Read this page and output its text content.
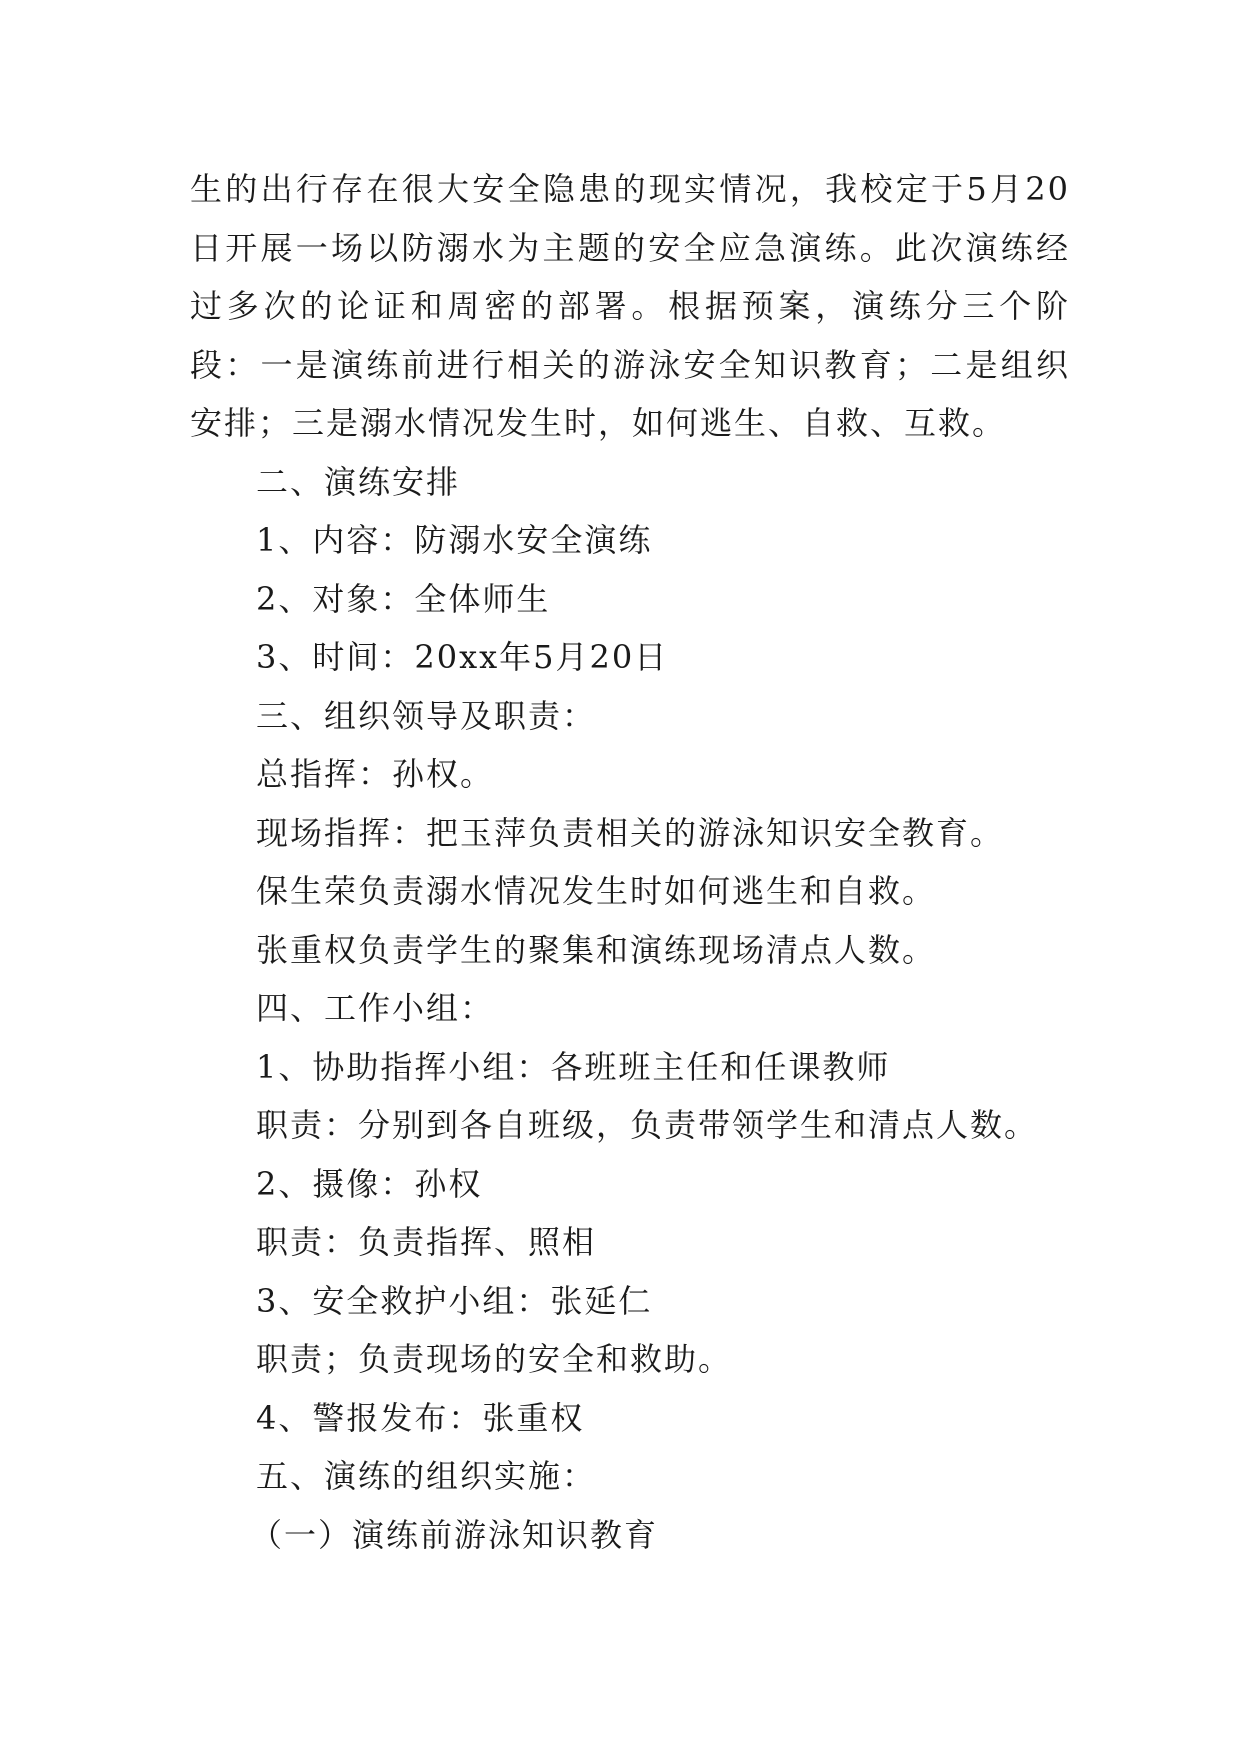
生的出行存在很大安全隐患的现实情况，我校定于5月20日开展一场以防溺水为主题的安全应急演练。此次演练经过多次的论证和周密的部署。根据预案，演练分三个阶段：一是演练前进行相关的游泳安全知识教育；二是组织安排；三是溺水情况发生时，如何逃生、自救、互救。

二、演练安排

1、内容：防溺水安全演练

2、对象：全体师生

3、时间：20xx年5月20日

三、组织领导及职责：

总指挥：孙权。

现场指挥：把玉萍负责相关的游泳知识安全教育。

保生荣负责溺水情况发生时如何逃生和自救。

张重权负责学生的聚集和演练现场清点人数。

四、工作小组：

1、协助指挥小组：各班班主任和任课教师

职责：分别到各自班级，负责带领学生和清点人数。

2、摄像：孙权

职责：负责指挥、照相

3、安全救护小组：张延仁

职责；负责现场的安全和救助。

4、警报发布：张重权

五、演练的组织实施：

（一）演练前游泳知识教育
